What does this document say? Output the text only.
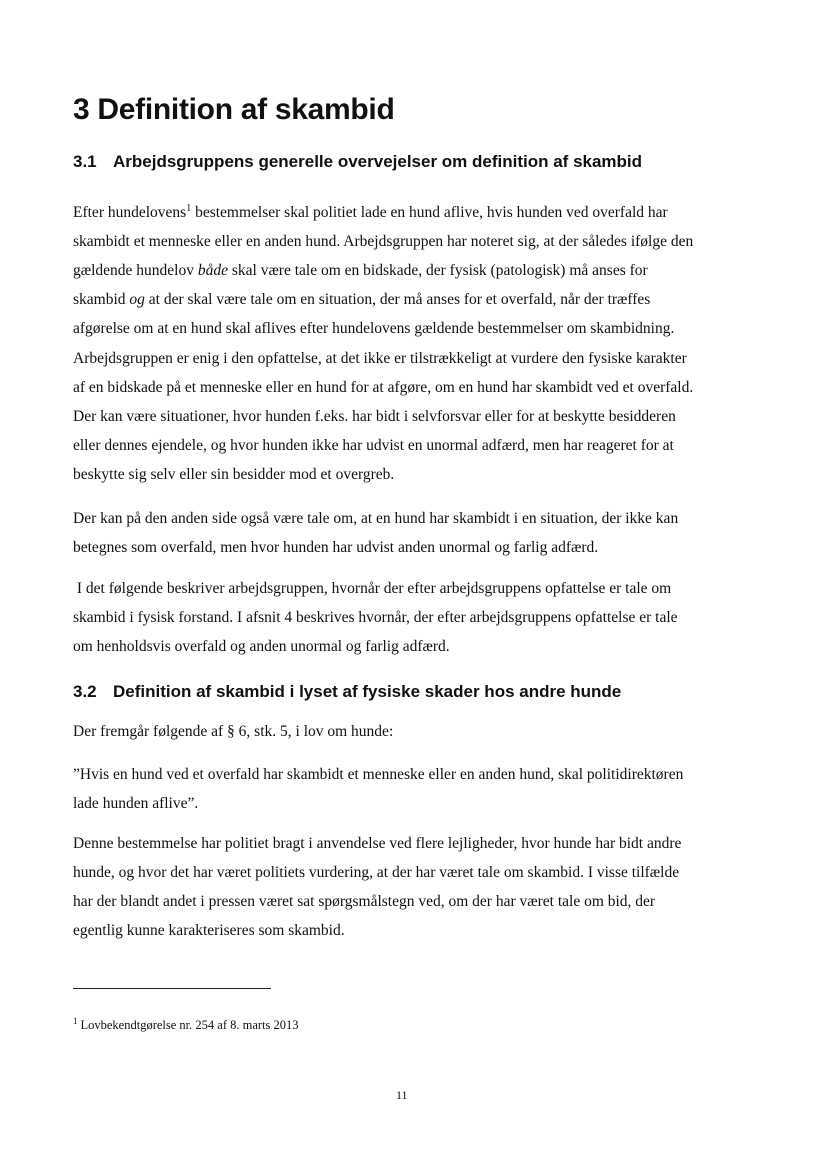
3 Definition af skambid
3.1 Arbejdsgruppens generelle overvejelser om definition af skambid
Efter hundelovens$^1$ bestemmelser skal politiet lade en hund aflive, hvis hunden ved overfald har
skambidt et menneske eller en anden hund. Arbejdsgruppen har noteret sig, at der således ifølge den
gældende hundelov både skal være tale om en bidskade, der fysisk (patologisk) må anses for
skambid og at der skal være tale om en situation, der må anses for et overfald, når der træffes
afgørelse om at en hund skal aflives efter hundelovens gældende bestemmelser om skambidning.
Arbejdsgruppen er enig i den opfattelse, at det ikke er tilstrækkeligt at vurdere den fysiske karakter
af en bidskade på et menneske eller en hund for at afgøre, om en hund har skambidt ved et overfald.
Der kan være situationer, hvor hunden f.eks. har bidt i selvforsvar eller for at beskytte besidderen
eller dennes ejendele, og hvor hunden ikke har udvist en unormal adfærd, men har reageret for at
beskytte sig selv eller sin besidder mod et overgreb.
Der kan på den anden side også være tale om, at en hund har skambidt i en situation, der ikke kan
betegnes som overfald, men hvor hunden har udvist anden unormal og farlig adfærd.
I det følgende beskriver arbejdsgruppen, hvornår der efter arbejdsgruppens opfattelse er tale om
skambid i fysisk forstand. I afsnit 4 beskrives hvornår, der efter arbejdsgruppens opfattelse er tale
om henholdsvis overfald og anden unormal og farlig adfærd.
3.2 Definition af skambid i lyset af fysiske skader hos andre hunde
Der fremgår følgende af § 6, stk. 5, i lov om hunde:
”Hvis en hund ved et overfald har skambidt et menneske eller en anden hund, skal politidirektøren
lade hunden aflive”.
Denne bestemmelse har politiet bragt i anvendelse ved flere lejligheder, hvor hunde har bidt andre
hunde, og hvor det har været politiets vurdering, at der har været tale om skambid. I visse tilfælde
har der blandt andet i pressen været sat spørgsmålstegn ved, om der har været tale om bid, der
egentlig kunne karakteriseres som skambid.

$^1$ Lovbekendtgørelse nr. 254 af 8. marts 2013

11
